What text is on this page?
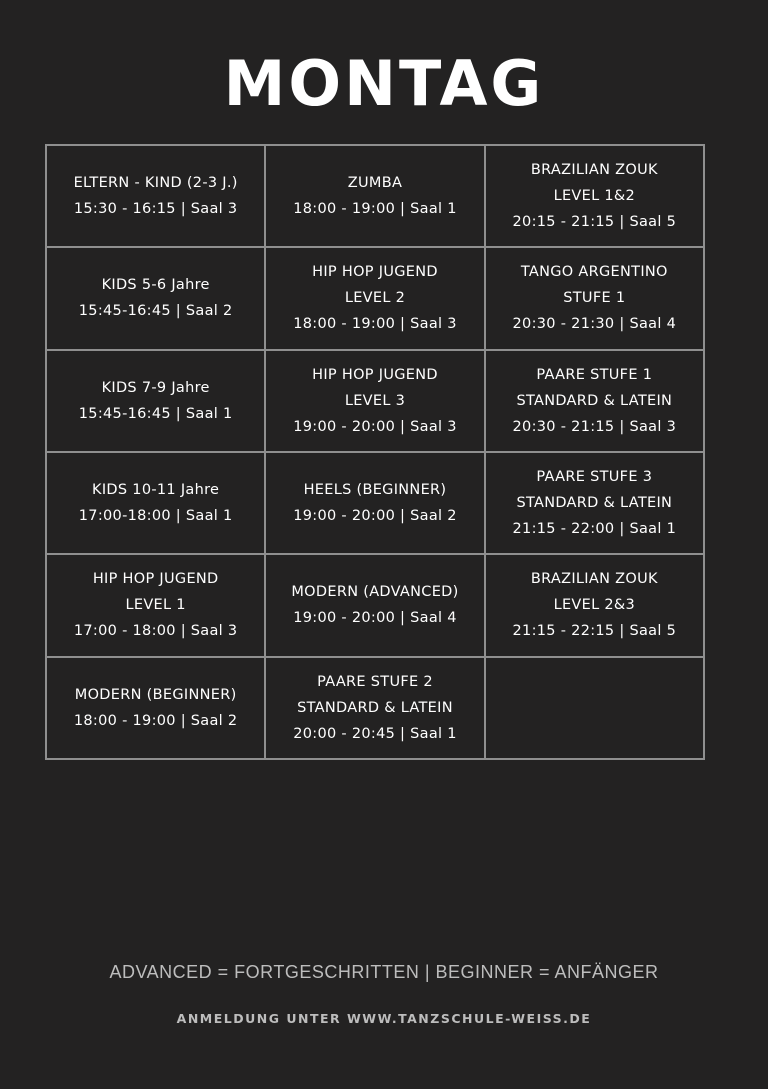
MONTAG
ELTERN - KIND (2-3 J.)
15:30 - 16:15 | Saal 3
ZUMBA
18:00 - 19:00 | Saal 1
BRAZILIAN ZOUK
LEVEL 1&2
20:15 - 21:15 | Saal 5
KIDS 5-6 Jahre
15:45-16:45 | Saal 2
HIP HOP JUGEND
LEVEL 2
18:00 - 19:00 | Saal 3
TANGO ARGENTINO
STUFE 1
20:30 - 21:30 | Saal 4
KIDS 7-9 Jahre
15:45-16:45 | Saal 1
HIP HOP JUGEND
LEVEL 3
19:00 - 20:00 | Saal 3
PAARE STUFE 1
STANDARD & LATEIN
20:30 - 21:15 | Saal 3
KIDS 10-11 Jahre
17:00-18:00 | Saal 1
HEELS (BEGINNER)
19:00 - 20:00 | Saal 2
PAARE STUFE 3
STANDARD & LATEIN
21:15 - 22:00 | Saal 1
HIP HOP JUGEND
LEVEL 1
17:00 - 18:00 | Saal 3
MODERN (ADVANCED)
19:00 - 20:00 | Saal 4
BRAZILIAN ZOUK
LEVEL 2&3
21:15 - 22:15 | Saal 5
MODERN (BEGINNER)
18:00 - 19:00 | Saal 2
PAARE STUFE 2
STANDARD & LATEIN
20:00 - 20:45 | Saal 1
ADVANCED = FORTGESCHRITTEN | BEGINNER = ANFÄNGER
ANMELDUNG UNTER WWW.TANZSCHULE-WEISS.DE
